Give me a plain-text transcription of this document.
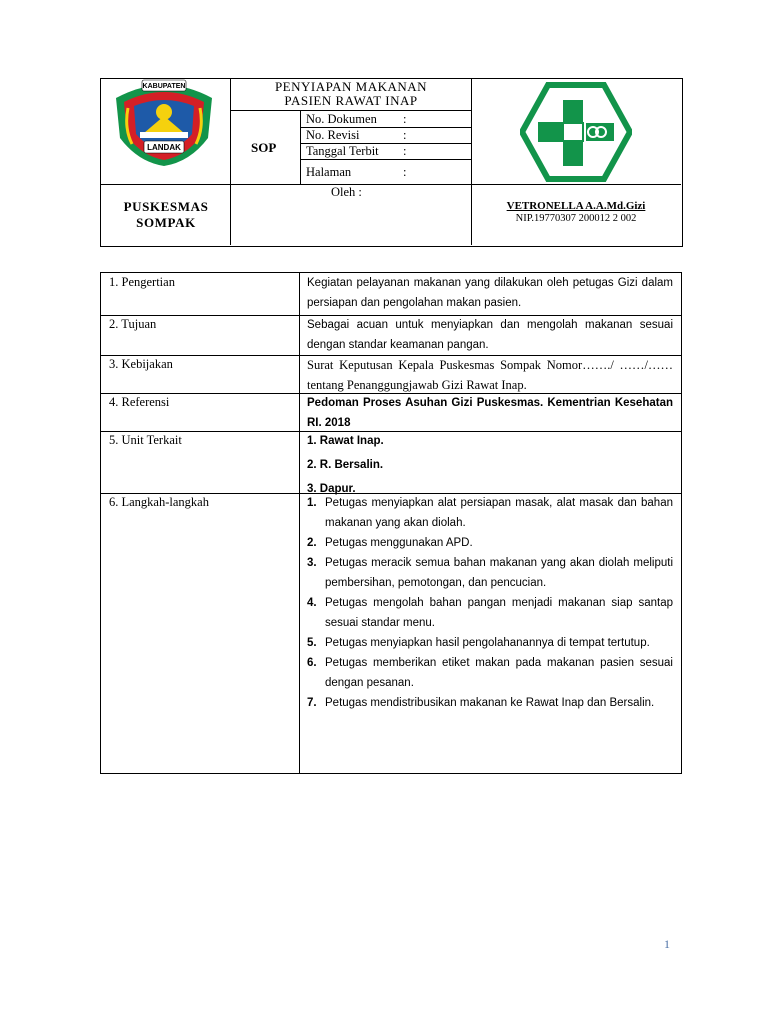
KABUPATEN
LANDAK
PENYIAPAN MAKANAN
PASIEN RAWAT INAP
SOP
No. Dokumen :
No. Revisi	:
Tanggal Terbit :
Halaman	:
Oleh :
PUSKESMAS
SOMPAK
VETRONELLA A.A.Md.Gizi
NIP.19770307 200012 2 002
1. Pengertian	Kegiatan pelayanan makanan yang dilakukan oleh petugas Gizi dalam persiapan dan pengolahan makan pasien.
2. Tujuan	Sebagai acuan untuk menyiapkan dan mengolah makanan sesuai dengan standar keamanan pangan.
3. Kebijakan	Surat Keputusan Kepala Puskesmas Sompak Nomor……./ ……/…… tentang Penanggungjawab Gizi Rawat Inap.
4. Referensi	Pedoman Proses Asuhan Gizi Puskesmas. Kementrian Kesehatan RI. 2018
5. Unit Terkait	1. Rawat Inap.
2. R. Bersalin.
3. Dapur.
6. Langkah-langkah	1. Petugas menyiapkan alat persiapan masak, alat masak dan bahan makanan yang akan diolah.
2. Petugas menggunakan APD.
3. Petugas meracik semua bahan makanan yang akan diolah meliputi pembersihan, pemotongan, dan pencucian.
4. Petugas mengolah bahan pangan menjadi makanan siap santap sesuai standar menu.
5. Petugas menyiapkan hasil pengolahanannya di tempat tertutup.
6. Petugas memberikan etiket makan pada makanan pasien sesuai dengan pesanan.
7. Petugas mendistribusikan makanan ke Rawat Inap dan Bersalin.
1
